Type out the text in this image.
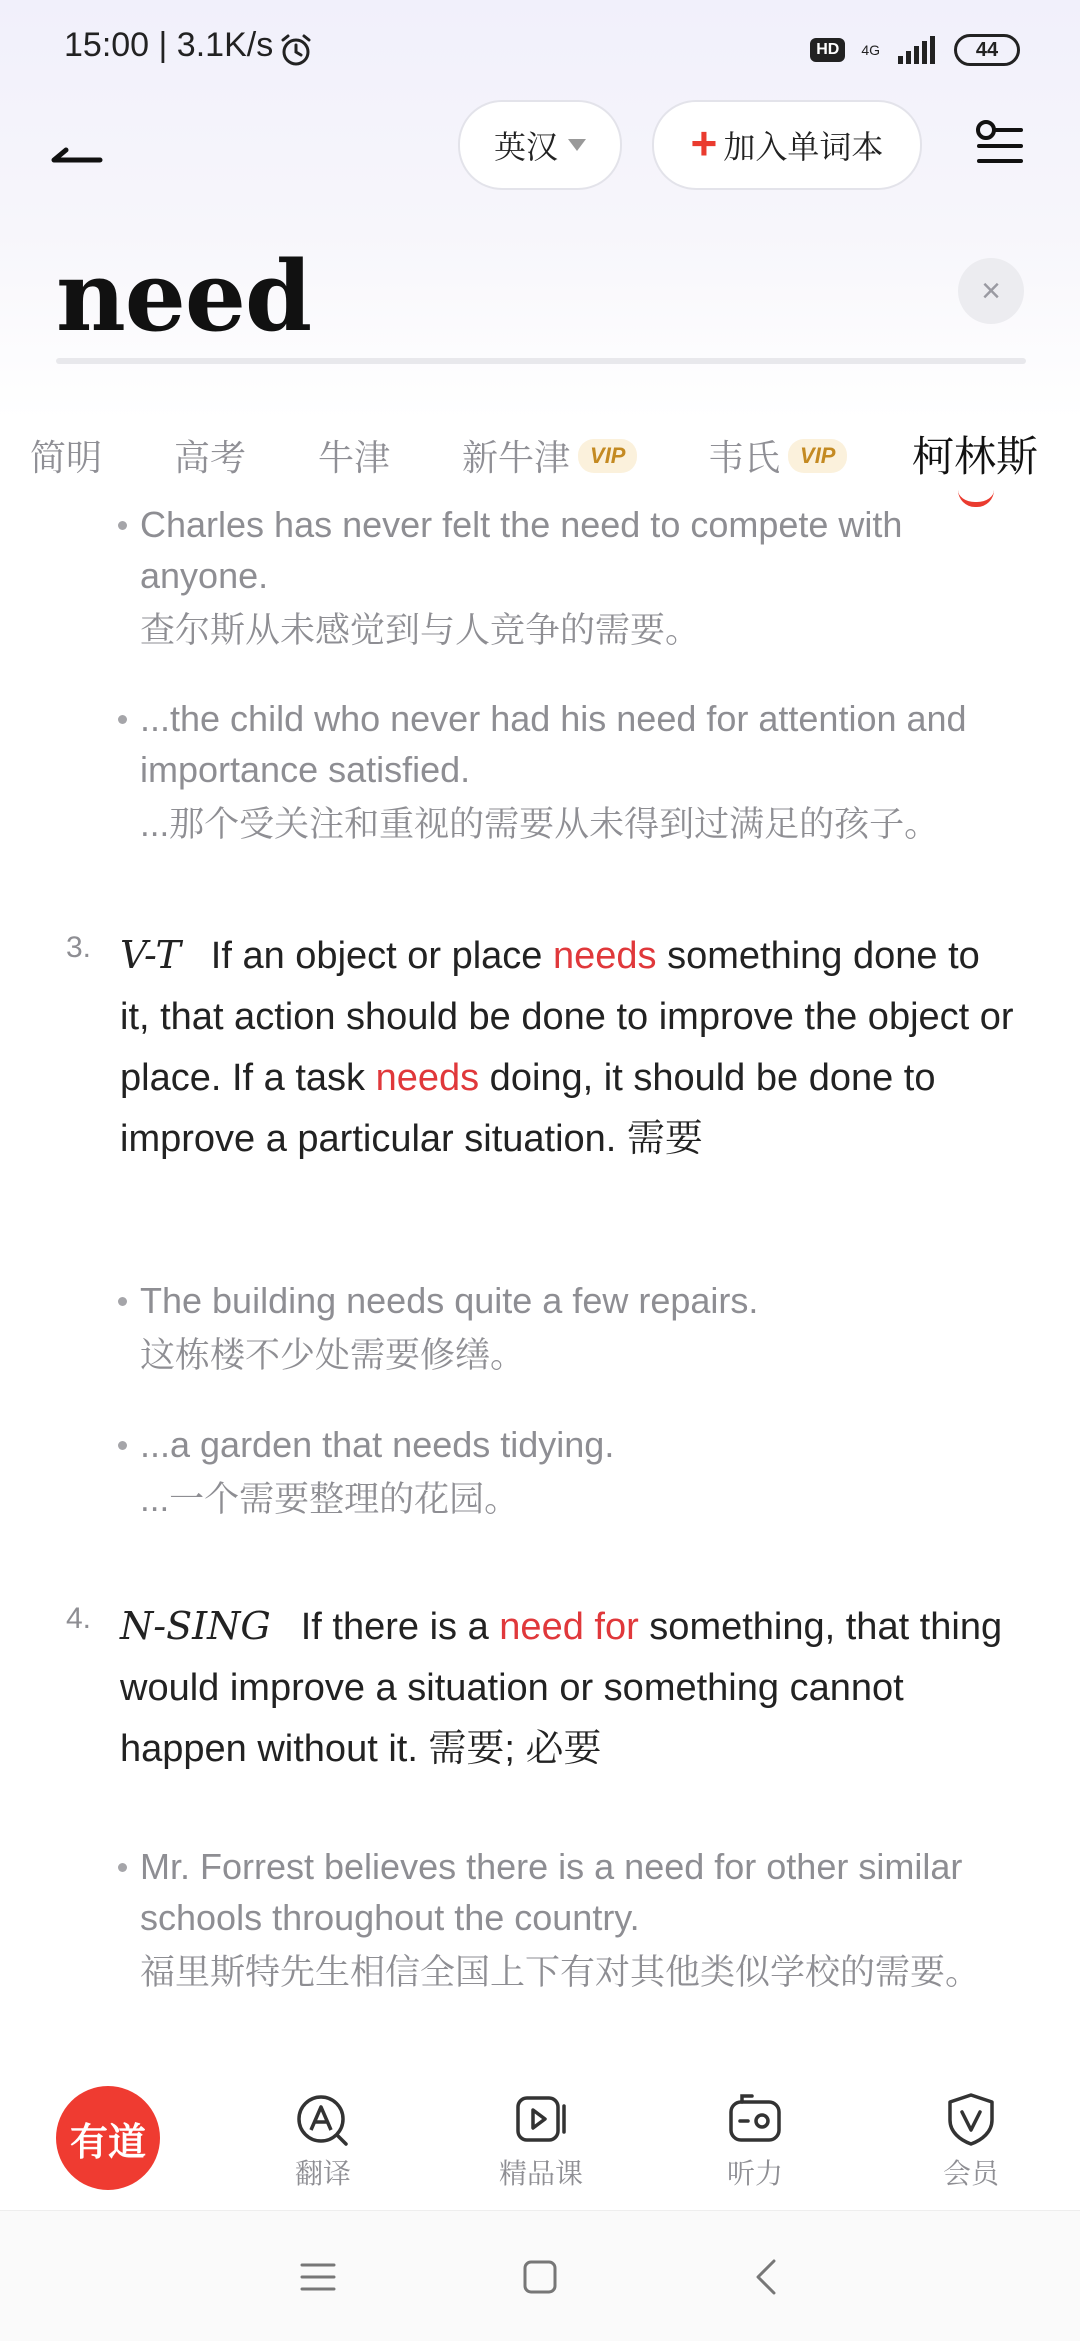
15:00 | 3.1K/s	HD	4G	44
英汉	+ 加入单词本
need	×
简明 高考 牛津 新牛津 VIP	韦氏 VIP 柯林斯
Charles has never felt the need to compete with anyone.
查尔斯从未感觉到与人竞争的需要。
...the child who never had his need for attention and importance satisfied.
...那个受关注和重视的需要从未得到过满足的孩子。
3. V-T If an object or place needs something done to it, that action should be done to improve the object or place. If a task needs doing, it should be done to improve a particular situation. 需要
The building needs quite a few repairs.
这栋楼不少处需要修缮。
...a garden that needs tidying.
...一个需要整理的花园。
4. N-SING If there is a need for something, that thing would improve a situation or something cannot happen without it. 需要; 必要
Mr. Forrest believes there is a need for other similar schools throughout the country.
福里斯特先生相信全国上下有对其他类似学校的需要。
有道
翻译	精品课	听力	会员
